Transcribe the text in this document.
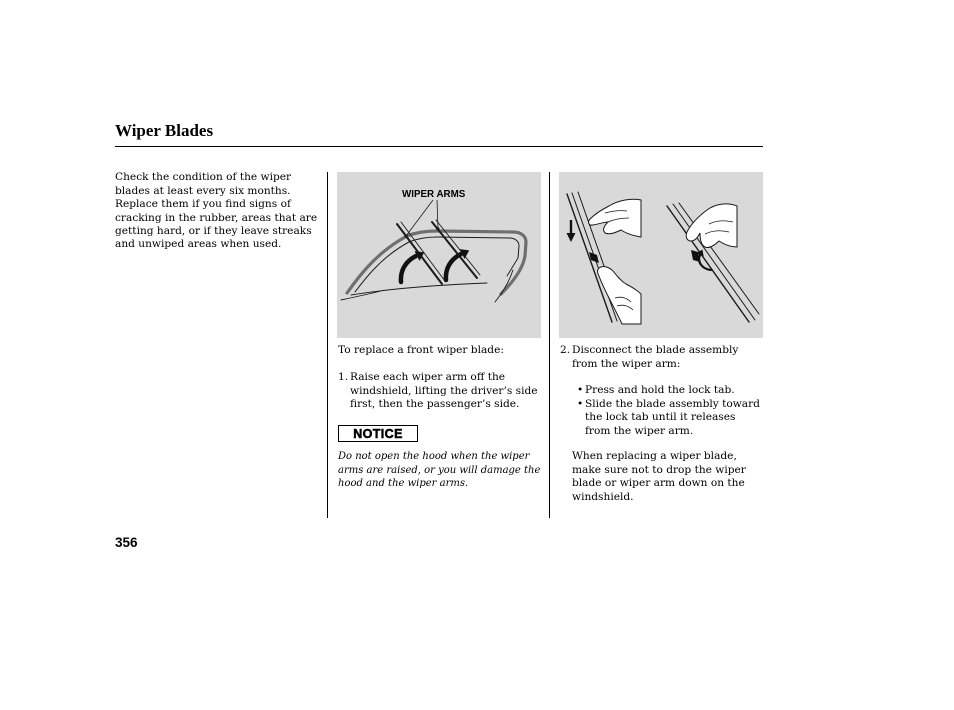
Wiper Blades
Check the condition of the wiper
blades at least every six months.
Replace them if you find signs of
cracking in the rubber, areas that are
getting hard, or if they leave streaks
and unwiped areas when used.
WIPER ARMS
To replace a front wiper blade:
1. Raise each wiper arm off the
windshield, lifting the driver’s side
first, then the passenger’s side.
NOTICE
Do not open the hood when the wiper
arms are raised, or you will damage the
hood and the wiper arms.
2. Disconnect the blade assembly
from the wiper arm:
• Press and hold the lock tab.
• Slide the blade assembly toward
the lock tab until it releases
from the wiper arm.
When replacing a wiper blade,
make sure not to drop the wiper
blade or wiper arm down on the
windshield.
356
